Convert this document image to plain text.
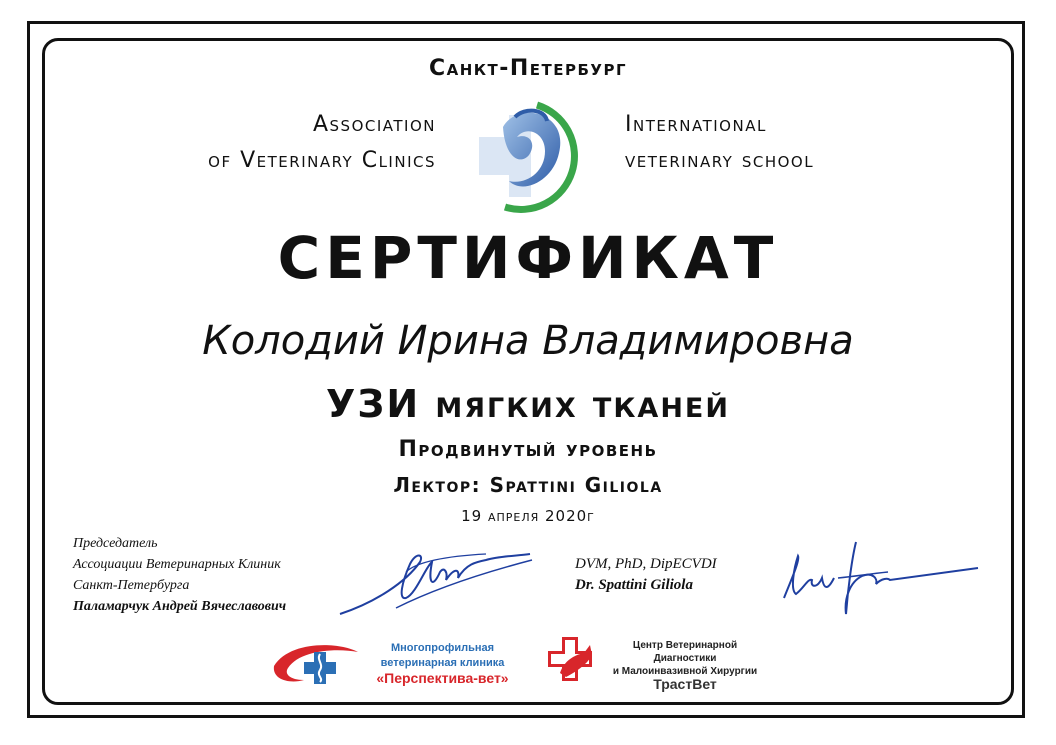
Санкт-Петербург
Association
of Veterinary Clinics
International
veterinary school
СЕРТИФИКАТ
Колодий Ирина Владимировна
УЗИ мягких тканей
Продвинутый уровень
Лектор: Spattini Giliola
19 апреля 2020г
Председатель
Ассоциации Ветеринарных Клиник
Санкт-Петербурга
Паламарчук Андрей Вячеславович
DVM, PhD, DipECVDI
Dr. Spattini Giliola
Многопрофильная
ветеринарная клиника
«Перспектива-вет»
Центр Ветеринарной Диагностики
и Малоинвазивной Хирургии
ТрастВет
